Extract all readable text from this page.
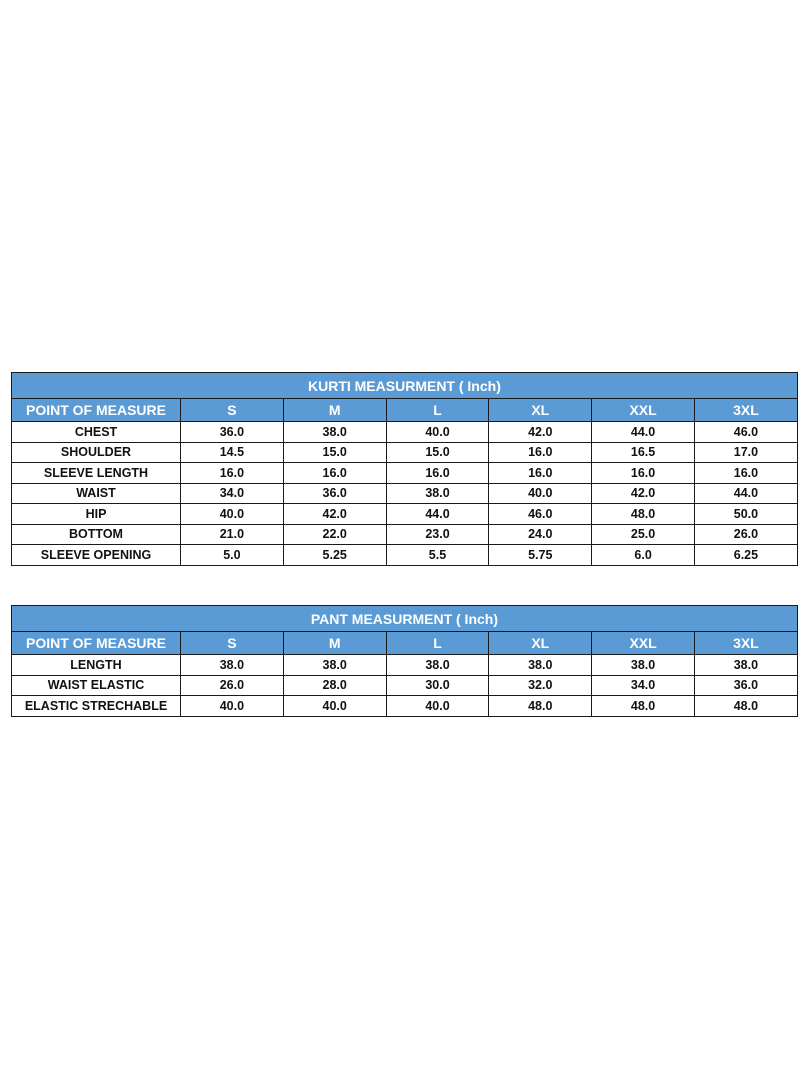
KURTI MEASURMENT ( Inch)						
POINT OF MEASURE	S	M	L	XL	XXL	3XL
CHEST	36.0	38.0	40.0	42.0	44.0	46.0
SHOULDER	14.5	15.0	15.0	16.0	16.5	17.0
SLEEVE LENGTH	16.0	16.0	16.0	16.0	16.0	16.0
WAIST	34.0	36.0	38.0	40.0	42.0	44.0
HIP	40.0	42.0	44.0	46.0	48.0	50.0
BOTTOM	21.0	22.0	23.0	24.0	25.0	26.0
SLEEVE OPENING	5.0	5.25	5.5	5.75	6.0	6.25
PANT MEASURMENT ( Inch)						
POINT OF MEASURE	S	M	L	XL	XXL	3XL
LENGTH	38.0	38.0	38.0	38.0	38.0	38.0
WAIST ELASTIC	26.0	28.0	30.0	32.0	34.0	36.0
ELASTIC STRECHABLE	40.0	40.0	40.0	48.0	48.0	48.0
